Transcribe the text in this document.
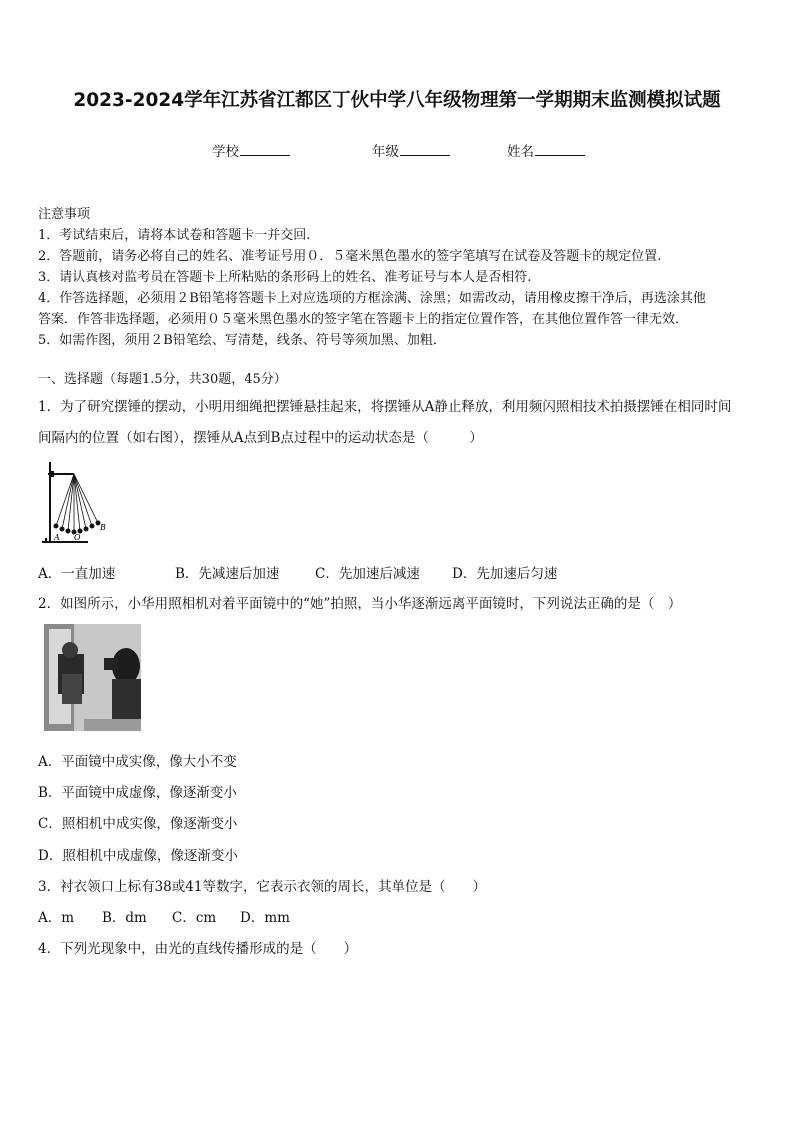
2023-2024学年江苏省江都区丁伙中学八年级物理第一学期期末监测模拟试题
学校	年级	姓名
注意事项
1．考试结束后，请将本试卷和答题卡一并交回.
2．答题前，请务必将自己的姓名、准考证号用０．５毫米黑色墨水的签字笔填写在试卷及答题卡的规定位置.
3．请认真核对监考员在答题卡上所粘贴的条形码上的姓名、准考证号与本人是否相符.
4．作答选择题，必须用２B铅笔将答题卡上对应选项的方框涂满、涂黑；如需改动，请用橡皮擦干净后，再选涂其他
答案．作答非选择题，必须用０５毫米黑色墨水的签字笔在答题卡上的指定位置作答，在其他位置作答一律无效．
5．如需作图，须用２B铅笔绘、写清楚，线条、符号等须加黑、加粗．
一、选择题（每题1.5分，共30题，45分）
1．为了研究摆锤的摆动，小明用细绳把摆锤悬挂起来，将摆锤从A静止释放，利用频闪照相技术拍摄摆锤在相同时间
间隔内的位置（如右图），摆锤从A点到B点过程中的运动状态是（　　　）
A O
B
A．一直加速	B．先减速后加速	C．先加速后减速 D．先加速后匀速
2．如图所示，小华用照相机对着平面镜中的“她”拍照，当小华逐渐远离平面镜时，下列说法正确的是（　）
A．平面镜中成实像，像大小不变
B．平面镜中成虚像，像逐渐变小
C．照相机中成实像，像逐渐变小
D．照相机中成虚像，像逐渐变小
3．衬衣领口上标有38或41等数字，它表示衣领的周长，其单位是（　　）
A．m B．dm C．cm D．mm
4．下列光现象中，由光的直线传播形成的是（　　）
